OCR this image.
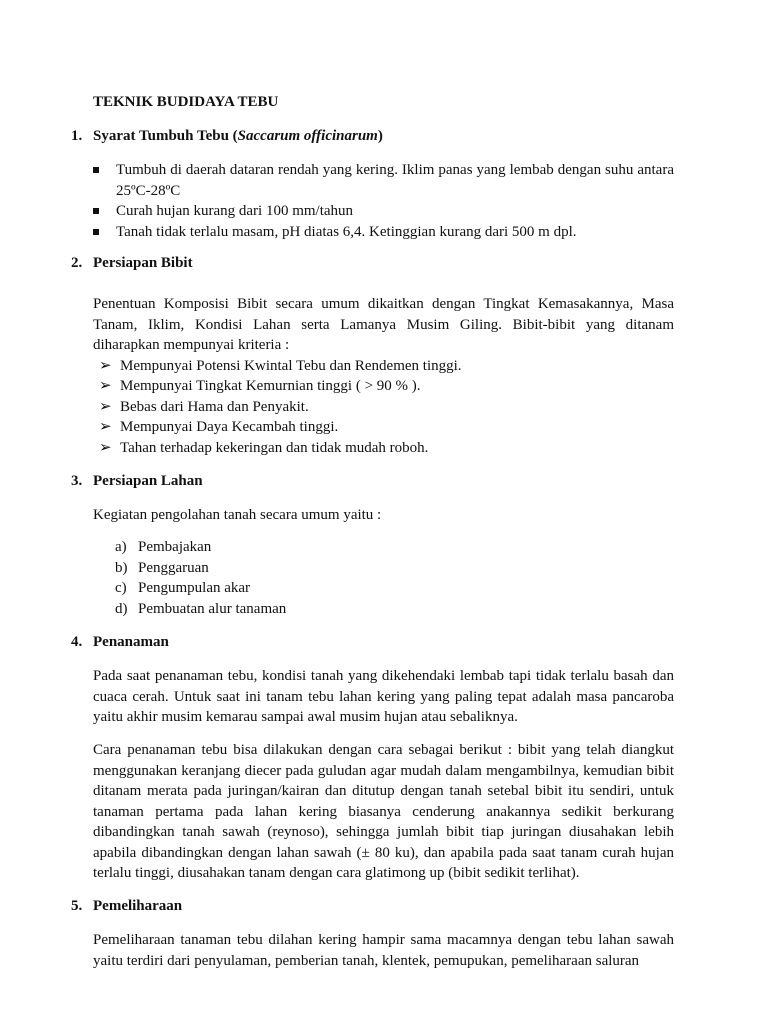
TEKNIK BUDIDAYA TEBU
1. Syarat Tumbuh Tebu (Saccarum officinarum)
Tumbuh di daerah dataran rendah yang kering. Iklim panas yang lembab dengan suhu antara 25ºC-28ºC
Curah hujan kurang dari 100 mm/tahun
Tanah tidak terlalu masam, pH diatas 6,4. Ketinggian kurang dari 500 m dpl.
2. Persiapan Bibit

Penentuan Komposisi Bibit secara umum dikaitkan dengan Tingkat Kemasakannya, Masa Tanam, Iklim, Kondisi Lahan serta Lamanya Musim Giling. Bibit-bibit yang ditanam diharapkan mempunyai kriteria :

➢ Mempunyai Potensi Kwintal Tebu dan Rendemen tinggi.
➢ Mempunyai Tingkat Kemurnian tinggi ( > 90 % ).
➢ Bebas dari Hama dan Penyakit.
➢ Mempunyai Daya Kecambah tinggi.
➢ Tahan terhadap kekeringan dan tidak mudah roboh.
3. Persiapan Lahan

Kegiatan pengolahan tanah secara umum yaitu :

a) Pembajakan
b) Penggaruan
c) Pengumpulan akar
d) Pembuatan alur tanaman
4. Penanaman

Pada saat penanaman tebu, kondisi tanah yang dikehendaki lembab tapi tidak terlalu basah dan cuaca cerah. Untuk saat ini tanam tebu lahan kering yang paling tepat adalah masa pancaroba yaitu akhir musim kemarau sampai awal musim hujan atau sebaliknya.

Cara penanaman tebu bisa dilakukan dengan cara sebagai berikut : bibit yang telah diangkut menggunakan keranjang diecer pada guludan agar mudah dalam mengambilnya, kemudian bibit ditanam merata pada juringan/kairan dan ditutup dengan tanah setebal bibit itu sendiri, untuk tanaman pertama pada lahan kering biasanya cenderung anakannya sedikit berkurang dibandingkan tanah sawah (reynoso), sehingga jumlah bibit tiap juringan diusahakan lebih apabila dibandingkan dengan lahan sawah (± 80 ku), dan apabila pada saat tanam curah hujan terlalu tinggi, diusahakan tanam dengan cara glatimong up (bibit sedikit terlihat).

5. Pemeliharaan

Pemeliharaan tanaman tebu dilahan kering hampir sama macamnya dengan tebu lahan sawah yaitu terdiri dari penyulaman, pemberian tanah, klentek, pemupukan, pemeliharaan saluran
